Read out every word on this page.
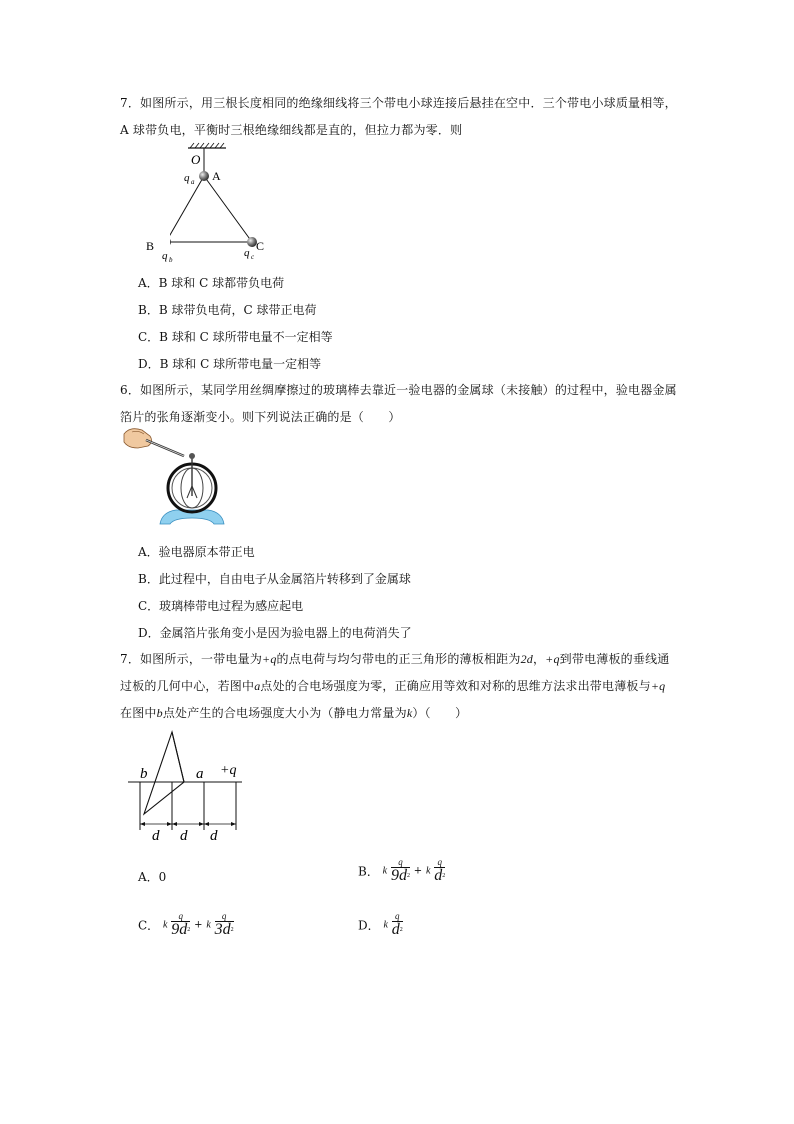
7．如图所示，用三根长度相同的绝缘细线将三个带电小球连接后悬挂在空中．三个带电小球质量相等，
A 球带负电，平衡时三根绝缘细线都是直的，但拉力都为零．则
O
q a A
B	C
q b
q c
A．B 球和 C 球都带负电荷
B．B 球带负电荷，C 球带正电荷
C．B 球和 C 球所带电量不一定相等
D．B 球和 C 球所带电量一定相等
6．如图所示，某同学用丝绸摩擦过的玻璃棒去靠近一验电器的金属球（未接触）的过程中，验电器金属
箔片的张角逐渐变小。则下列说法正确的是（　　）
A．验电器原本带正电
B．此过程中，自由电子从金属箔片转移到了金属球
C．玻璃棒带电过程为感应起电
D．金属箔片张角变小是因为验电器上的电荷消失了
7．如图所示，一带电量为+q的点电荷与均匀带电的正三角形的薄板相距为2d，+q到带电薄板的垂线通
过板的几何中心，若图中a点处的合电场强度为零，正确应用等效和对称的思维方法求出带电薄板与+q
在图中b点处产生的合电场强度大小为（静电力常量为k）（　　）
b	a +q
d d d
A．0	B． k $\frac{q}{9d^2} + k \frac{q}{d^2}$
C． k $\frac{q}{9d^2} + k \frac{q}{3d^2}$	D． k $\frac{q}{d^2}$
